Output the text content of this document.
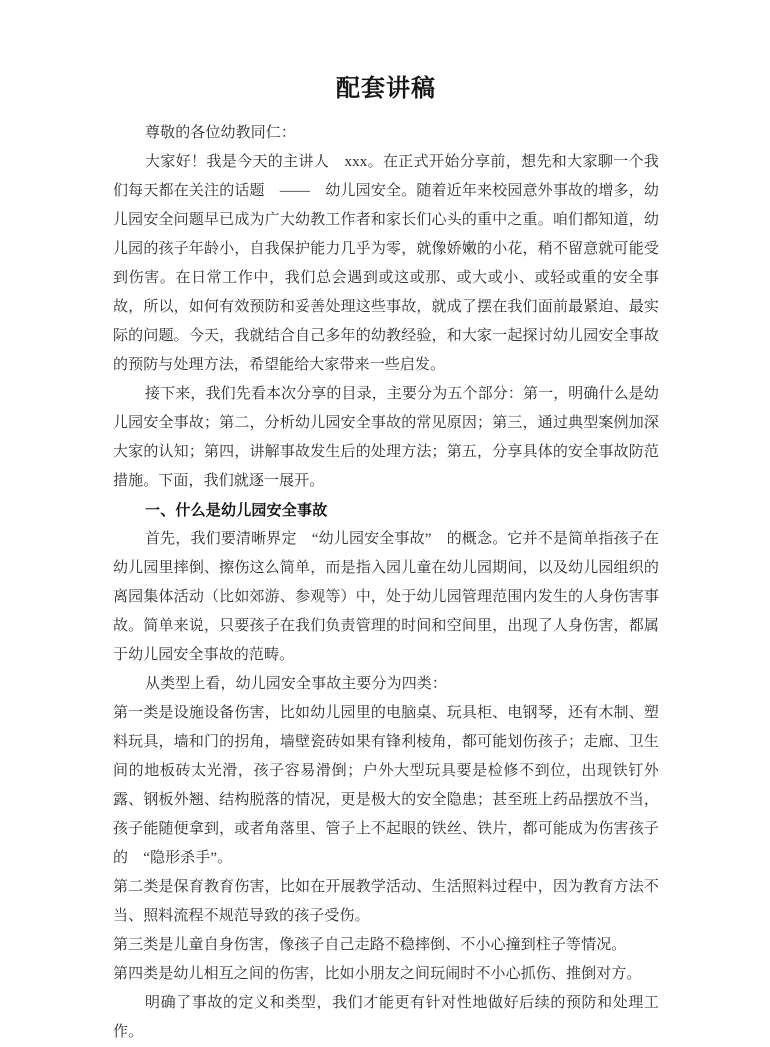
配套讲稿

尊敬的各位幼教同仁：

大家好！我是今天的主讲人　xxx。在正式开始分享前，想先和大家聊一个我们每天都在关注的话题　——　幼儿园安全。随着近年来校园意外事故的增多，幼儿园安全问题早已成为广大幼教工作者和家长们心头的重中之重。咱们都知道，幼儿园的孩子年龄小，自我保护能力几乎为零，就像娇嫩的小花，稍不留意就可能受到伤害。在日常工作中，我们总会遇到或这或那、或大或小、或轻或重的安全事故，所以，如何有效预防和妥善处理这些事故，就成了摆在我们面前最紧迫、最实际的问题。今天，我就结合自己多年的幼教经验，和大家一起探讨幼儿园安全事故的预防与处理方法，希望能给大家带来一些启发。

接下来，我们先看本次分享的目录，主要分为五个部分：第一，明确什么是幼儿园安全事故；第二，分析幼儿园安全事故的常见原因；第三，通过典型案例加深大家的认知；第四，讲解事故发生后的处理方法；第五，分享具体的安全事故防范措施。下面，我们就逐一展开。

一、什么是幼儿园安全事故

首先，我们要清晰界定　“幼儿园安全事故”　的概念。它并不是简单指孩子在幼儿园里摔倒、擦伤这么简单，而是指入园儿童在幼儿园期间，以及幼儿园组织的离园集体活动（比如郊游、参观等）中，处于幼儿园管理范围内发生的人身伤害事故。简单来说，只要孩子在我们负责管理的时间和空间里，出现了人身伤害，都属于幼儿园安全事故的范畴。

从类型上看，幼儿园安全事故主要分为四类：

第一类是设施设备伤害，比如幼儿园里的电脑桌、玩具柜、电钢琴，还有木制、塑料玩具，墙和门的拐角，墙壁瓷砖如果有锋利棱角，都可能划伤孩子；走廊、卫生间的地板砖太光滑，孩子容易滑倒；户外大型玩具要是检修不到位，出现铁钉外露、钢板外翘、结构脱落的情况，更是极大的安全隐患；甚至班上药品摆放不当，孩子能随便拿到，或者角落里、管子上不起眼的铁丝、铁片，都可能成为伤害孩子的　“隐形杀手”。

第二类是保育教育伤害，比如在开展教学活动、生活照料过程中，因为教育方法不当、照料流程不规范导致的孩子受伤。

第三类是儿童自身伤害，像孩子自己走路不稳摔倒、不小心撞到柱子等情况。

第四类是幼儿相互之间的伤害，比如小朋友之间玩闹时不小心抓伤、推倒对方。

明确了事故的定义和类型，我们才能更有针对性地做好后续的预防和处理工作。
